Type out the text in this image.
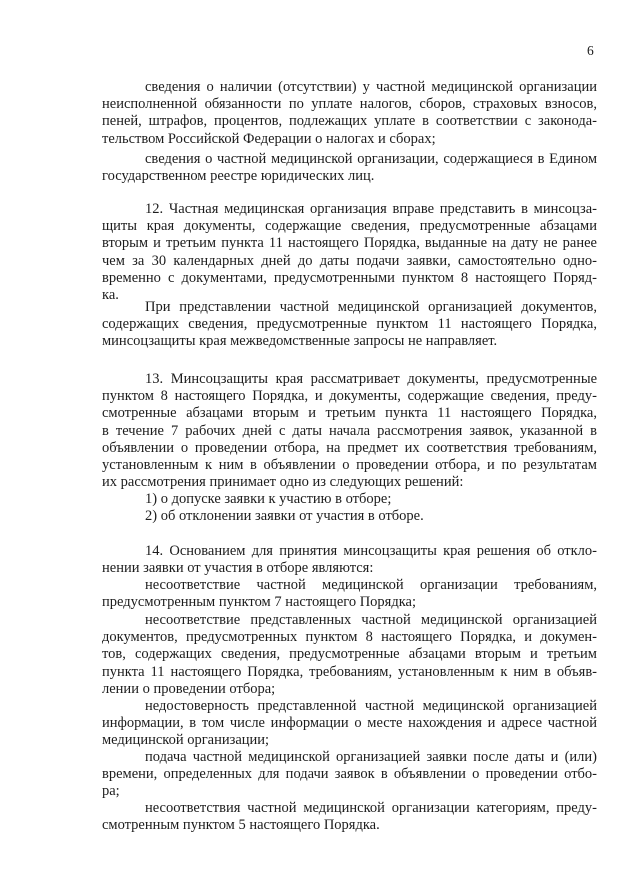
6
сведения о наличии (отсутствии) у частной медицинской организации
неисполненной обязанности по уплате налогов, сборов, страховых взносов,
пеней, штрафов, процентов, подлежащих уплате в соответствии с законода-
тельством Российской Федерации о налогах и сборах;
сведения о частной медицинской организации, содержащиеся в Едином
государственном реестре юридических лиц.
12. Частная медицинская организация вправе представить в минсоцза-
щиты края документы, содержащие сведения, предусмотренные абзацами
вторым и третьим пункта 11 настоящего Порядка, выданные на дату не ранее
чем за 30 календарных дней до даты подачи заявки, самостоятельно одно-
временно с документами, предусмотренными пунктом 8 настоящего Поряд-
ка.
При представлении частной медицинской организацией документов,
содержащих сведения, предусмотренные пунктом 11 настоящего Порядка,
минсоцзащиты края межведомственные запросы не направляет.
13. Минсоцзащиты края рассматривает документы, предусмотренные
пунктом 8 настоящего Порядка, и документы, содержащие сведения, преду-
смотренные абзацами вторым и третьим пункта 11 настоящего Порядка,
в течение 7 рабочих дней с даты начала рассмотрения заявок, указанной в
объявлении о проведении отбора, на предмет их соответствия требованиям,
установленным к ним в объявлении о проведении отбора, и по результатам
их рассмотрения принимает одно из следующих решений:
1) о допуске заявки к участию в отборе;
2) об отклонении заявки от участия в отборе.
14. Основанием для принятия минсоцзащиты края решения об откло-
нении заявки от участия в отборе являются:
несоответствие частной медицинской организации требованиям,
предусмотренным пунктом 7 настоящего Порядка;
несоответствие представленных частной медицинской организацией
документов, предусмотренных пунктом 8 настоящего Порядка, и докумен-
тов, содержащих сведения, предусмотренные абзацами вторым и третьим
пункта 11 настоящего Порядка, требованиям, установленным к ним в объяв-
лении о проведении отбора;
недостоверность представленной частной медицинской организацией
информации, в том числе информации о месте нахождения и адресе частной
медицинской организации;
подача частной медицинской организацией заявки после даты и (или)
времени, определенных для подачи заявок в объявлении о проведении отбо-
ра;
несоответствия частной медицинской организации категориям, преду-
смотренным пунктом 5 настоящего Порядка.
